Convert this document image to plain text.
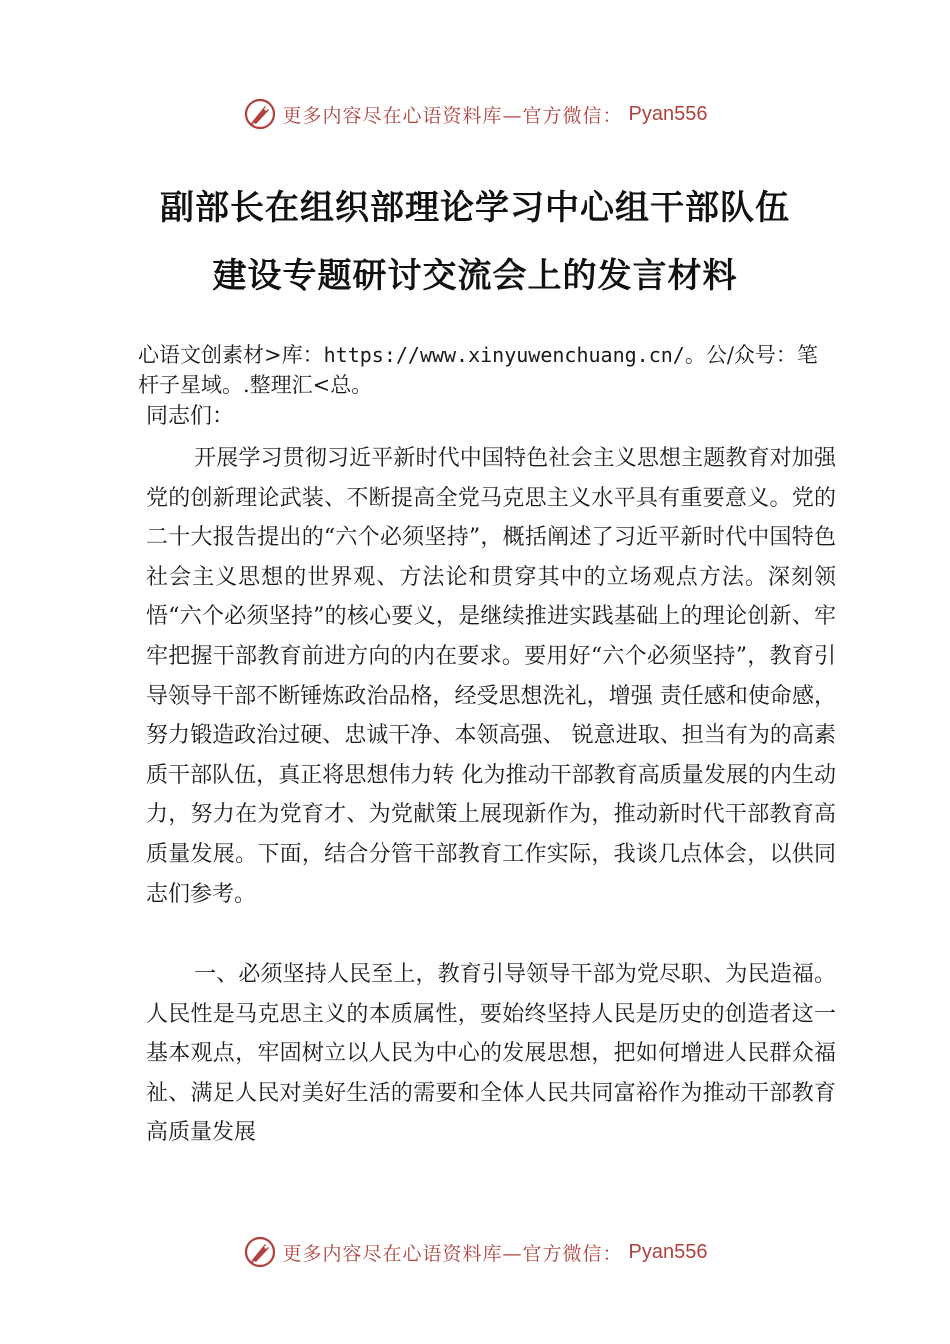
更多内容尽在心语资料库—官方微信： Pyan556
副部长在组织部理论学习中心组干部队伍
建设专题研讨交流会上的发言材料
心语文创素材>库：https://www.xinyuwenchuang.cn/。公/众号：笔杆子星域。.整理汇<总。
同志们：
开展学习贯彻习近平新时代中国特色社会主义思想主题教育对加强党的创新理论武装、不断提高全党马克思主义水平具有重要意义。党的二十大报告提出的“六个必须坚持”，概括阐述了习近平新时代中国特色社会主义思想的世界观、方法论和贯穿其中的立场观点方法。深刻领悟“六个必须坚持”的核心要义，是继续推进实践基础上的理论创新、牢牢把握干部教育前进方向的内在要求。要用好“六个必须坚持”，教育引导领导干部不断锤炼政治品格，经受思想洗礼，增强 责任感和使命感，努力锻造政治过硬、忠诚干净、本领高强、 锐意进取、担当有为的高素质干部队伍，真正将思想伟力转 化为推动干部教育高质量发展的内生动力，努力在为党育才、为党献策上展现新作为，推动新时代干部教育高质量发展。下面，结合分管干部教育工作实际，我谈几点体会，以供同 志们参考。
一、必须坚持人民至上，教育引导领导干部为党尽职、为民造福。人民性是马克思主义的本质属性，要始终坚持人民是历史的创造者这一基本观点，牢固树立以人民为中心的发展思想，把如何增进人民群众福祉、满足人民对美好生活的需要和全体人民共同富裕作为推动干部教育高质量发展
更多内容尽在心语资料库—官方微信： Pyan556
